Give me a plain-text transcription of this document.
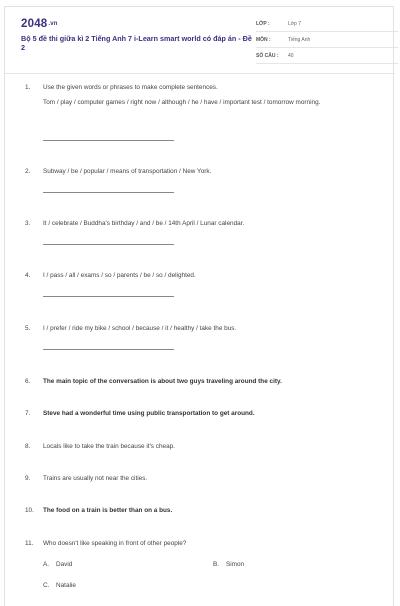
2048.vn
Bộ 5 đề thi giữa kì 2 Tiếng Anh 7 i-Learn smart world có đáp án - Đề 2
LỚP :	Lớp 7
MÔN :	Tiếng Anh
SỐ CÂU : 40
1.	Use the given words or phrases to make complete sentences.
Tom / play / computer games / right now / although / he / have / important test / tomorrow morning.
2.	Subway / be / popular / means of transportation / New York.
3.	It / celebrate / Buddha's birthday / and / be / 14th April / Lunar calendar.
4.	I / pass / all / exams / so / parents / be / so / delighted.
5.	I / prefer / ride my bike / school / because / it / healthy / take the bus.
6.	The main topic of the conversation is about two guys traveling around the city.
7.	Steve had a wonderful time using public transportation to get around.
8.	Locals like to take the train because it's cheap.
9.	Trains are usually not near the cities.
10.	The food on a train is better than on a bus.
11.	Who doesn't like speaking in front of other people?
A. David	B. Simon
C. Natalie
